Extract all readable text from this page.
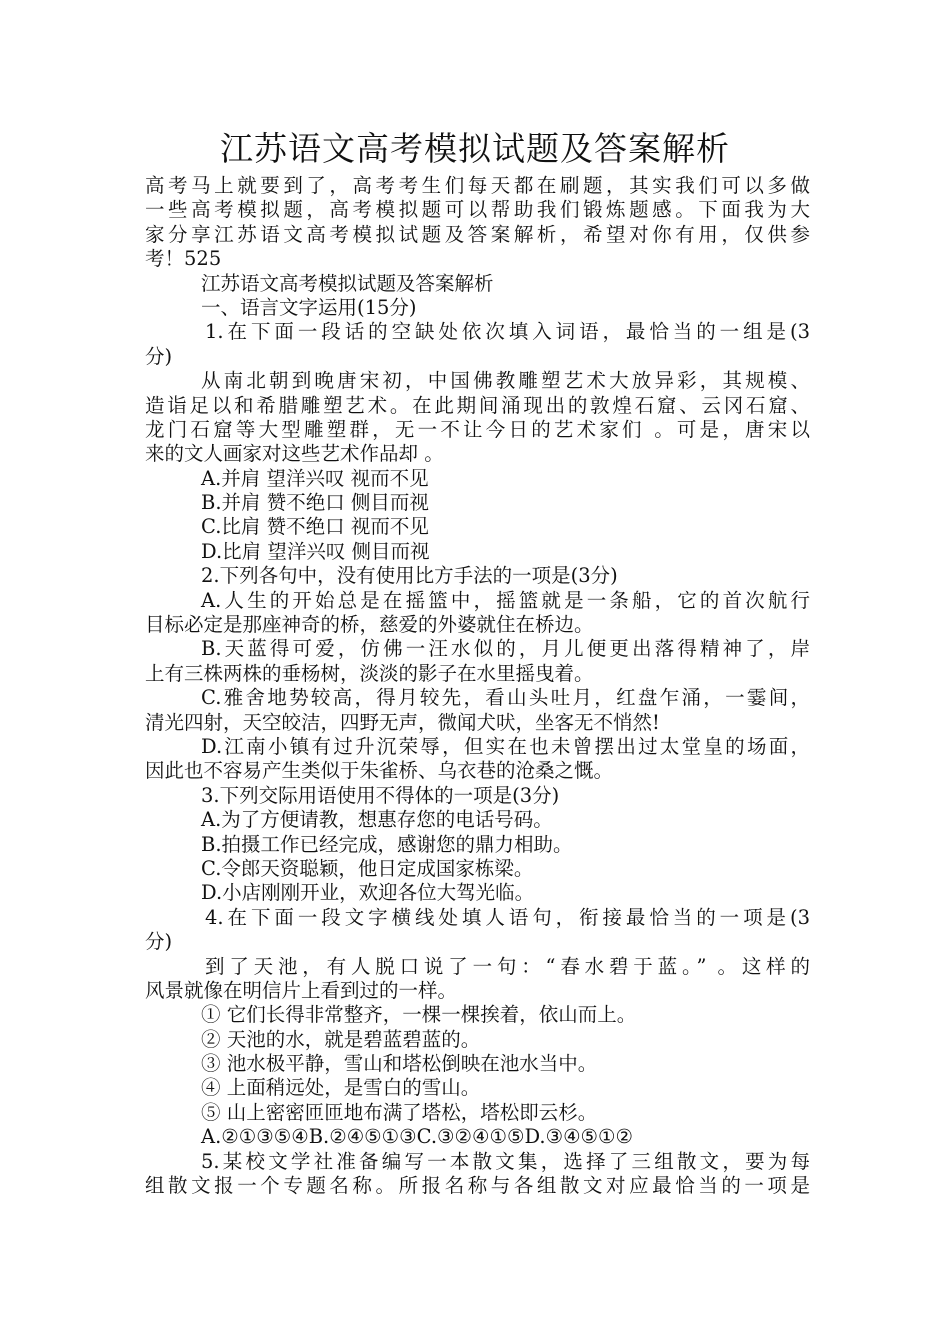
江苏语文高考模拟试题及答案解析
高考马上就要到了，高考考生们每天都在刷题，其实我们可以多做
一些高考模拟题，高考模拟题可以帮助我们锻炼题感。下面我为大
家分享江苏语文高考模拟试题及答案解析，希望对你有用，仅供参
考！525
江苏语文高考模拟试题及答案解析
一、语言文字运用(15分)
1.在下面一段话的空缺处依次填入词语，最恰当的一组是(3
分)
从南北朝到晚唐宋初，中国佛教雕塑艺术大放异彩，其规模、
造诣足以和希腊雕塑艺术。在此期间涌现出的敦煌石窟、云冈石窟、
龙门石窟等大型雕塑群，无一不让今日的艺术家们 。可是，唐宋以
来的文人画家对这些艺术作品却 。
A.并肩 望洋兴叹 视而不见
B.并肩 赞不绝口 侧目而视
C.比肩 赞不绝口 视而不见
D.比肩 望洋兴叹 侧目而视
2.下列各句中，没有使用比方手法的一项是(3分)
A.人生的开始总是在摇篮中，摇篮就是一条船，它的首次航行
目标必定是那座神奇的桥，慈爱的外婆就住在桥边。
B.天蓝得可爱，仿佛一汪水似的，月儿便更出落得精神了，岸
上有三株两株的垂杨树，淡淡的影子在水里摇曳着。
C.雅舍地势较高，得月较先，看山头吐月，红盘乍涌，一霎间，
清光四射，天空皎洁，四野无声，微闻犬吠，坐客无不悄然!
D.江南小镇有过升沉荣辱，但实在也未曾摆出过太堂皇的场面，
因此也不容易产生类似于朱雀桥、乌衣巷的沧桑之慨。
3.下列交际用语使用不得体的一项是(3分)
A.为了方便请教，想惠存您的电话号码。
B.拍摄工作已经完成，感谢您的鼎力相助。
C.令郎天资聪颖，他日定成国家栋梁。
D.小店刚刚开业，欢迎各位大驾光临。
4.在下面一段文字横线处填人语句，衔接最恰当的一项是(3
分)
到了天池，有人脱口说了一句：“春水碧于蓝。” 。这样的
风景就像在明信片上看到过的一样。
① 它们长得非常整齐，一棵一棵挨着，依山而上。
② 天池的水，就是碧蓝碧蓝的。
③ 池水极平静，雪山和塔松倒映在池水当中。
④ 上面稍远处，是雪白的雪山。
⑤ 山上密密匝匝地布满了塔松，塔松即云杉。
A.②①③⑤④B.②④⑤①③C.③②④①⑤D.③④⑤①②
5.某校文学社准备编写一本散文集，选择了三组散文，要为每
组散文报一个专题名称。所报名称与各组散文对应最恰当的一项是
